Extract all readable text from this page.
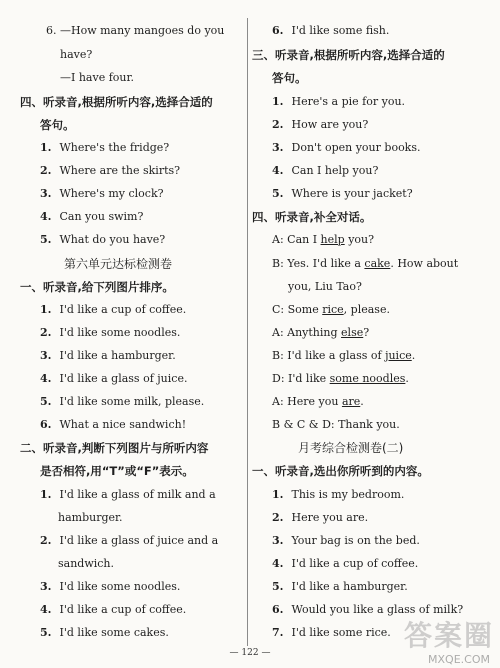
6. —How many mangoes do you
have?
—I have four.
四、听录音,根据所听内容,选择合适的
答句。
1. Where's the fridge?
2. Where are the skirts?
3. Where's my clock?
4. Can you swim?
5. What do you have?
第六单元达标检测卷
一、听录音,给下列图片排序。
1. I'd like a cup of coffee.
2. I'd like some noodles.
3. I'd like a hamburger.
4. I'd like a glass of juice.
5. I'd like some milk, please.
6. What a nice sandwich!
二、听录音,判断下列图片与所听内容
是否相符,用“T”或“F”表示。
1. I'd like a glass of milk and a
hamburger.
2. I'd like a glass of juice and a
sandwich.
3. I'd like some noodles.
4. I'd like a cup of coffee.
5. I'd like some cakes.
6. I'd like some fish.
三、听录音,根据所听内容,选择合适的
答句。
1. Here's a pie for you.
2. How are you?
3. Don't open your books.
4. Can I help you?
5. Where is your jacket?
四、听录音,补全对话。
A: Can I help you?
B: Yes. I'd like a cake. How about
you, Liu Tao?
C: Some rice, please.
A: Anything else?
B: I'd like a glass of juice.
D: I'd like some noodles.
A: Here you are.
B & C & D: Thank you.
月考综合检测卷(二)
一、听录音,选出你所听到的内容。
1. This is my bedroom.
2. Here you are.
3. Your bag is on the bed.
4. I'd like a cup of coffee.
5. I'd like a hamburger.
6. Would you like a glass of milk?
7. I'd like some rice.
— 122 —
答案圈
MXQE.COM
